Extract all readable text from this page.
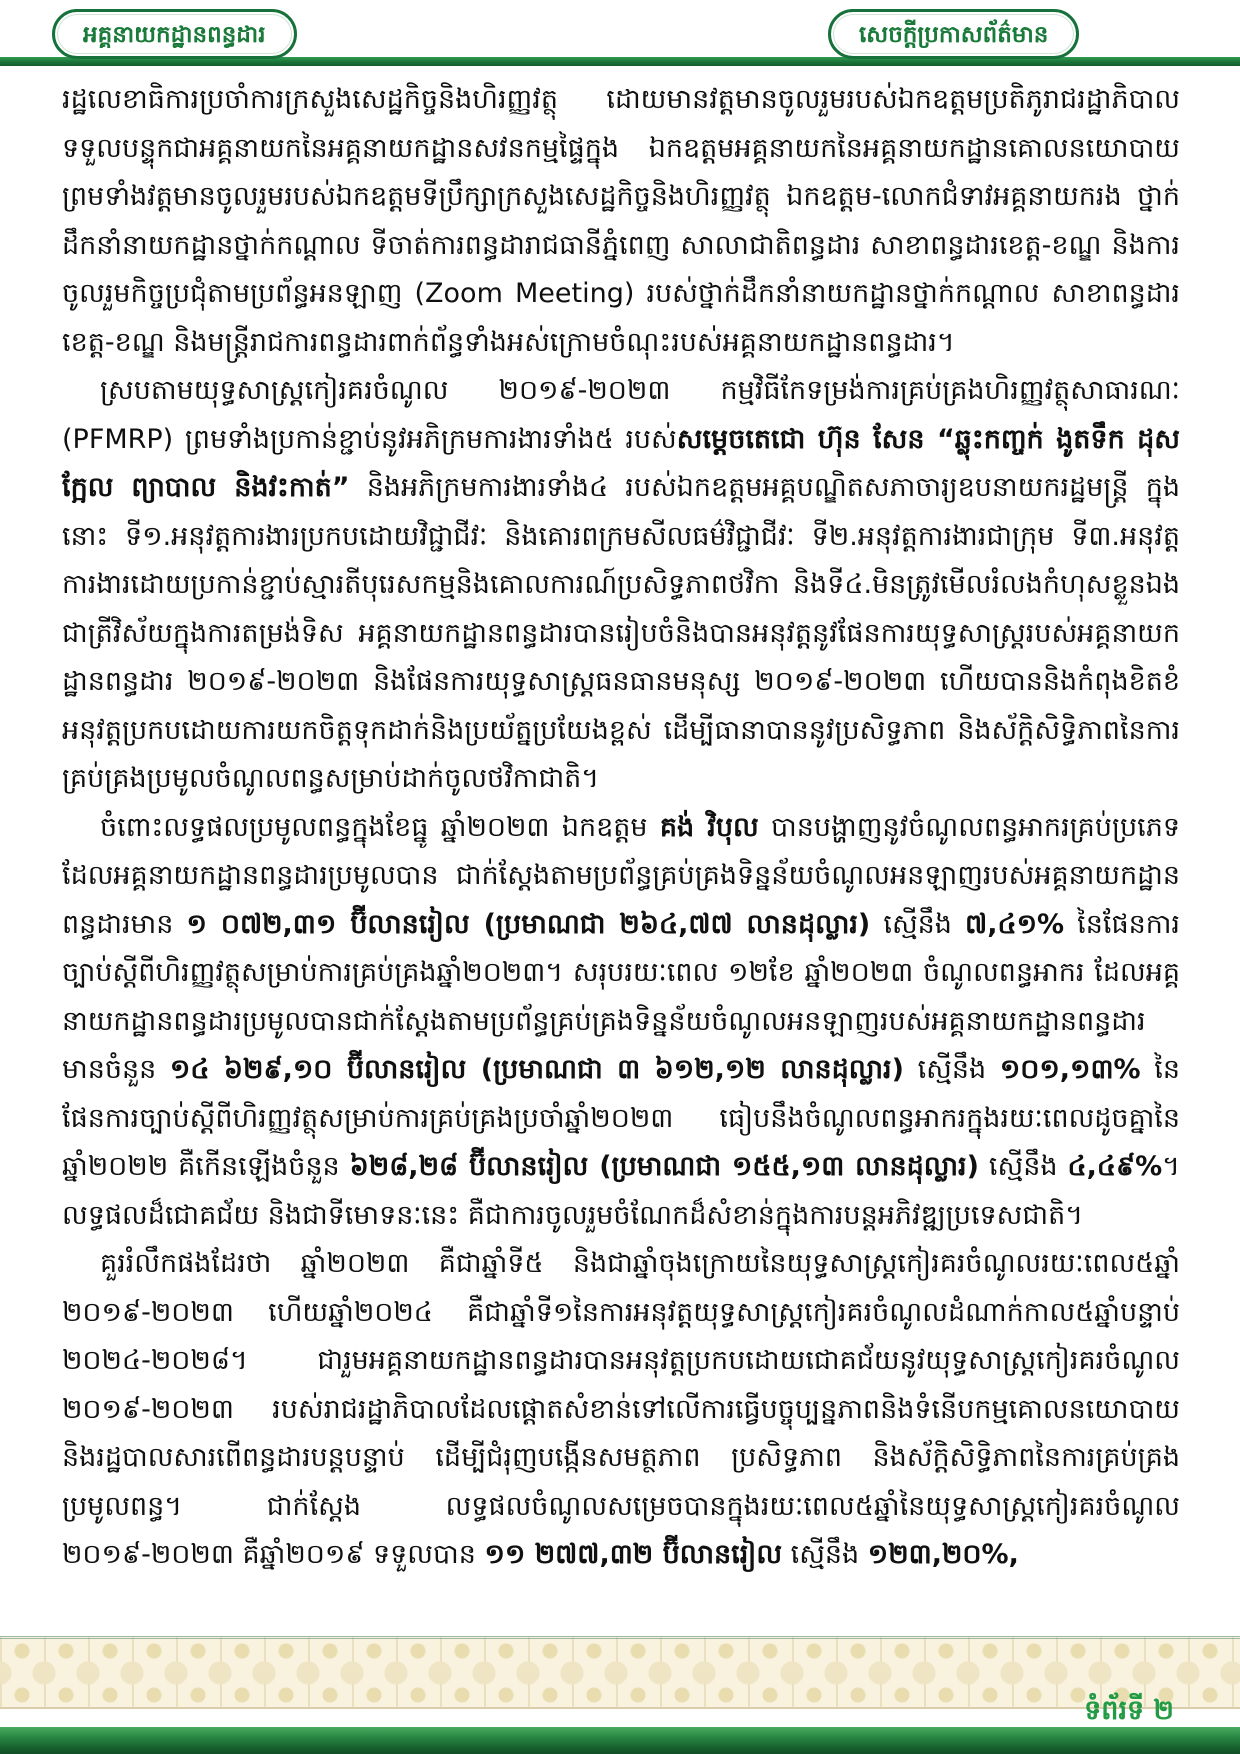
អគ្គនាយកដ្ឋានពន្ធដារ	សេចក្តីប្រកាសព័ត៌មាន

រដ្ឋលេខាធិការប្រចាំការក្រសួងសេដ្ឋកិច្ចនិងហិរញ្ញវត្ថុ ដោយមានវត្តមានចូលរួមរបស់ឯកឧត្តមប្រតិភូរាជរដ្ឋាភិបាលទទួលបន្ទុកជាអគ្គនាយកនៃអគ្គនាយកដ្ឋានសវនកម្មផ្ទៃក្នុង ឯកឧត្តមអគ្គនាយកនៃអគ្គនាយកដ្ឋានគោលនយោបាយ ព្រមទាំងវត្តមានចូលរួមរបស់ឯកឧត្តមទីប្រឹក្សាក្រសួងសេដ្ឋកិច្ចនិងហិរញ្ញវត្ថុ ឯកឧត្តម-លោកជំទាវអគ្គនាយករង ថ្នាក់ដឹកនាំនាយកដ្ឋានថ្នាក់កណ្តាល ទីចាត់ការពន្ធដារាជធានីភ្នំពេញ សាលាជាតិពន្ធដារ សាខាពន្ធដារខេត្ត-ខណ្ឌ និងការចូលរួមកិច្ចប្រជុំតាមប្រព័ន្ធអនឡាញ (Zoom Meeting) របស់ថ្នាក់ដឹកនាំនាយកដ្ឋានថ្នាក់កណ្តាល សាខាពន្ធដារខេត្ត-ខណ្ឌ និងមន្ត្រីរាជការពន្ធដារពាក់ព័ន្ធទាំងអស់ក្រោមចំណុះរបស់អគ្គនាយកដ្ឋានពន្ធដារ។

ស្របតាមយុទ្ធសាស្ត្រកៀរគរចំណូល ២០១៩-២០២៣ កម្មវិធីកែទម្រង់ការគ្រប់គ្រងហិរញ្ញវត្ថុសាធារណៈ (PFMRP) ព្រមទាំងប្រកាន់ខ្ជាប់នូវអភិក្រមការងារទាំង៥ របស់សម្តេចតេជោ ហ៊ុន សែន “ឆ្លុះកញ្ចក់ ងូតទឹក ដុសក្អែល ព្យាបាល និងវះកាត់” និងអភិក្រមការងារទាំង៤ របស់ឯកឧត្តមអគ្គបណ្ឌិតសភាចារ្យឧបនាយករដ្ឋមន្ត្រី ក្នុងនោះ ទី១.អនុវត្តការងារប្រកបដោយវិជ្ជាជីវៈ និងគោរពក្រមសីលធម៌វិជ្ជាជីវៈ ទី២.អនុវត្តការងារជាក្រុម ទី៣.អនុវត្តការងារដោយប្រកាន់ខ្ជាប់ស្មារតីបុរេសកម្មនិងគោលការណ៍ប្រសិទ្ធភាពថវិកា និងទី៤.មិនត្រូវមើលរំលងកំហុសខ្លួនឯង ជាត្រីវិស័យក្នុងការតម្រង់ទិស អគ្គនាយកដ្ឋានពន្ធដារបានរៀបចំនិងបានអនុវត្តនូវផែនការយុទ្ធសាស្ត្ររបស់អគ្គនាយកដ្ឋានពន្ធដារ ២០១៩-២០២៣ និងផែនការយុទ្ធសាស្ត្រធនធានមនុស្ស ២០១៩-២០២៣ ហើយបាននិងកំពុងខិតខំអនុវត្តប្រកបដោយការយកចិត្តទុកដាក់និងប្រយ័ត្នប្រយែងខ្ពស់ ដើម្បីធានាបាននូវប្រសិទ្ធភាព និងស័ក្តិសិទ្ធិភាពនៃការគ្រប់គ្រងប្រមូលចំណូលពន្ធសម្រាប់ដាក់ចូលថវិកាជាតិ។

ចំពោះលទ្ធផលប្រមូលពន្ធក្នុងខែធ្នូ ឆ្នាំ២០២៣ ឯកឧត្តម គង់ វិបុល បានបង្ហាញនូវចំណូលពន្ធអាករគ្រប់ប្រភេទ ដែលអគ្គនាយកដ្ឋានពន្ធដារប្រមូលបាន ជាក់ស្តែងតាមប្រព័ន្ធគ្រប់គ្រងទិន្នន័យចំណូលអនឡាញរបស់អគ្គនាយកដ្ឋានពន្ធដារមាន ១ ០៧២,៣១ ប៊ីលានរៀល (ប្រមាណជា ២៦៤,៧៧ លានដុល្លារ) ស្មើនឹង ៧,៤១% នៃផែនការច្បាប់ស្តីពីហិរញ្ញវត្ថុសម្រាប់ការគ្រប់គ្រងឆ្នាំ២០២៣។ សរុបរយៈពេល ១២ខែ ឆ្នាំ២០២៣ ចំណូលពន្ធអាករ ដែលអគ្គនាយកដ្ឋានពន្ធដារប្រមូលបានជាក់ស្តែងតាមប្រព័ន្ធគ្រប់គ្រងទិន្នន័យចំណូលអនឡាញរបស់អគ្គនាយកដ្ឋានពន្ធដារ មានចំនួន ១៤ ៦២៩,១០ ប៊ីលានរៀល (ប្រមាណជា ៣ ៦១២,១២ លានដុល្លារ) ស្មើនឹង ១០១,១៣% នៃផែនការច្បាប់ស្តីពីហិរញ្ញវត្ថុសម្រាប់ការគ្រប់គ្រងប្រចាំឆ្នាំ២០២៣ ធៀបនឹងចំណូលពន្ធអាករក្នុងរយៈពេលដូចគ្នានៃឆ្នាំ២០២២ គឺកើនឡើងចំនួន ៦២៨,២៨ ប៊ីលានរៀល (ប្រមាណជា ១៥៥,១៣ លានដុល្លារ) ស្មើនឹង ៤,៤៩%។ លទ្ធផលដ៏ជោគជ័យ និងជាទីមោទនៈនេះ គឺជាការចូលរួមចំណែកដ៏សំខាន់ក្នុងការបន្តអភិវឌ្ឍប្រទេសជាតិ។

គួររំលឹកផងដែរថា ឆ្នាំ២០២៣ គឺជាឆ្នាំទី៥ និងជាឆ្នាំចុងក្រោយនៃយុទ្ធសាស្ត្រកៀរគរចំណូលរយៈពេល៥ឆ្នាំ ២០១៩-២០២៣ ហើយឆ្នាំ២០២៤ គឺជាឆ្នាំទី១នៃការអនុវត្តយុទ្ធសាស្ត្រកៀរគរចំណូលដំណាក់កាល៥ឆ្នាំបន្ទាប់ ២០២៤-២០២៨។ ជារួមអគ្គនាយកដ្ឋានពន្ធដារបានអនុវត្តប្រកបដោយជោគជ័យនូវយុទ្ធសាស្ត្រកៀរគរចំណូល ២០១៩-២០២៣ របស់រាជរដ្ឋាភិបាលដែលផ្តោតសំខាន់ទៅលើការធ្វើបច្ចុប្បន្នភាពនិងទំនើបកម្មគោលនយោបាយ និងរដ្ឋបាលសារពើពន្ធដារបន្តបន្ទាប់ ដើម្បីជំរុញបង្កើនសមត្ថភាព ប្រសិទ្ធភាព និងស័ក្តិសិទ្ធិភាពនៃការគ្រប់គ្រងប្រមូលពន្ធ។ ជាក់ស្តែង លទ្ធផលចំណូលសម្រេចបានក្នុងរយៈពេល៥ឆ្នាំនៃយុទ្ធសាស្ត្រកៀរគរចំណូល ២០១៩-២០២៣ គឺឆ្នាំ២០១៩ ទទួលបាន ១១ ២៧៧,៣២ ប៊ីលានរៀល ស្មើនឹង ១២៣,២០%,

ទំព័រទី ២
